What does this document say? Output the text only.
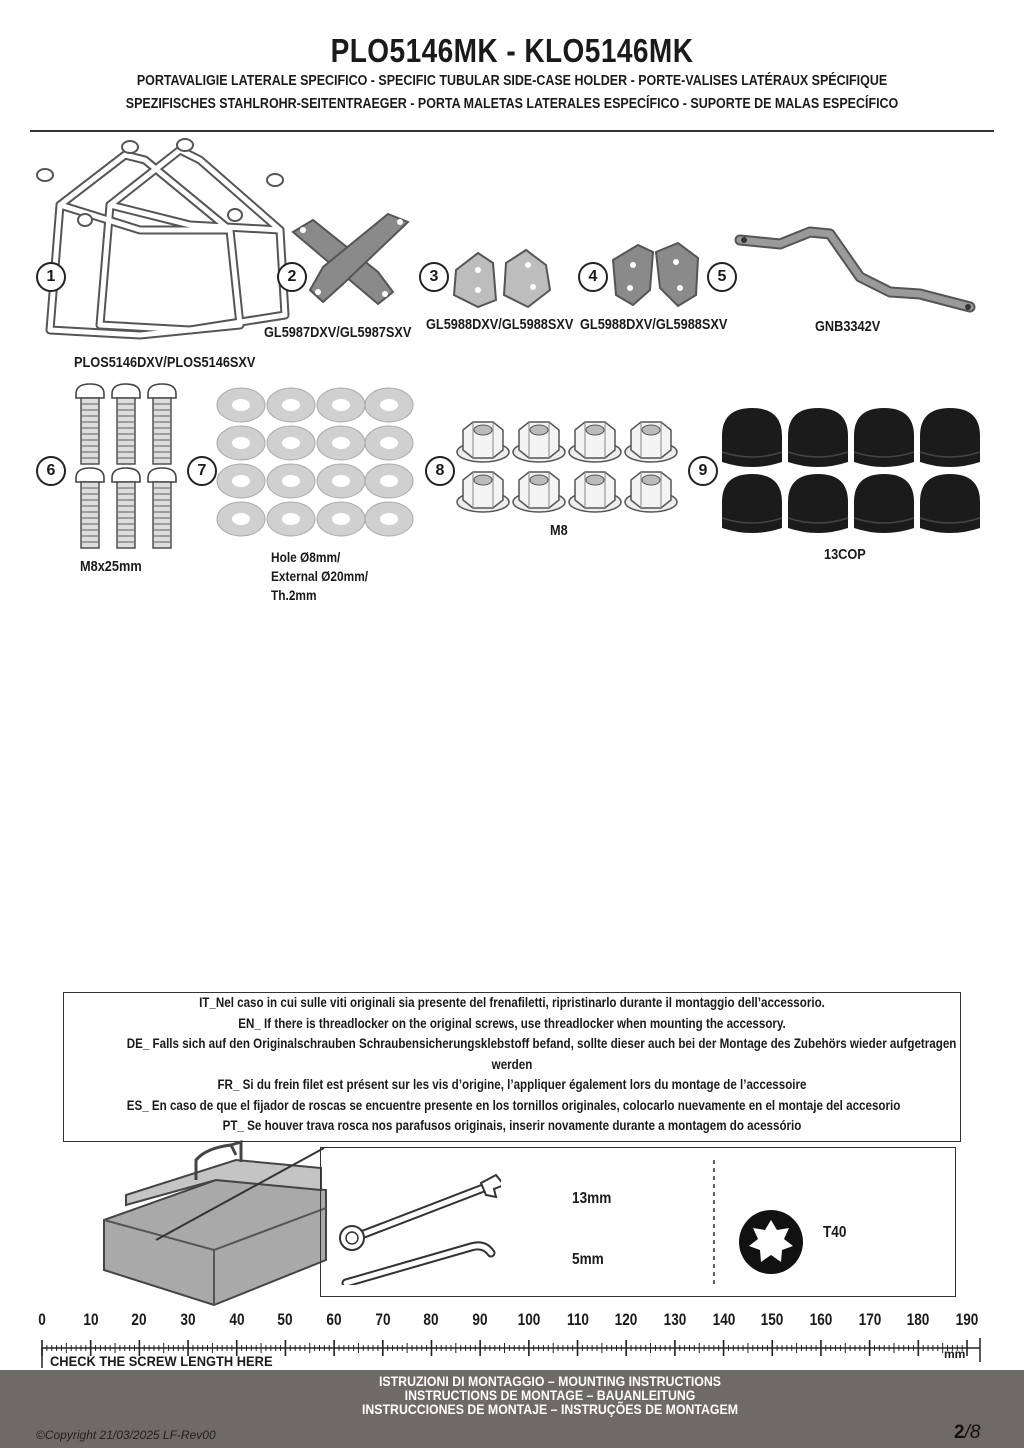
PLO5146MK - KLO5146MK
PORTAVALIGIE LATERALE SPECIFICO - SPECIFIC TUBULAR SIDE-CASE HOLDER - PORTE-VALISES LATÉRAUX SPÉCIFIQUE
SPEZIFISCHES STAHLROHR-SEITENTRAEGER - PORTA MALETAS LATERALES ESPECÍFICO - SUPORTE DE MALAS ESPECÍFICO
1
PLOS5146DXV/PLOS5146SXV
2
GL5987DXV/GL5987SXV
3
GL5988DXV/GL5988SXV
4
GL5988DXV/GL5988SXV
5
GNB3342V
6
M8x25mm
7
Hole Ø8mm/
External Ø20mm/
Th.2mm
8
M8
9
13COP
IT_Nel caso in cui sulle viti originali sia presente del frenafiletti, ripristinarlo durante il montaggio dell’accessorio.
EN_ If there is threadlocker on the original screws, use threadlocker when mounting the accessory.
DE_ Falls sich auf den Originalschrauben Schraubensicherungsklebstoff befand, sollte dieser auch bei der Montage des Zubehörs wieder aufgetragen
werden
FR_ Si du frein filet est présent sur les vis d’origine, l’appliquer également lors du montage de l’accessoire
ES_ En caso de que el fijador de roscas se encuentre presente en los tornillos originales, colocarlo nuevamente en el montaje del accesorio
PT_ Se houver trava rosca nos parafusos originais, inserir novamente durante a montagem do acessório
13mm
5mm
T40
0	10	20	30	40	50	60	70	80	90	100 110 120 130 140 150 160 170 180 190
mm
CHECK THE SCREW LENGTH HERE
ISTRUZIONI DI MONTAGGIO – MOUNTING INSTRUCTIONS
INSTRUCTIONS DE MONTAGE – BAUANLEITUNG
INSTRUCCIONES DE MONTAJE – INSTRUÇÕES DE MONTAGEM
©Copyright 21/03/2025 LF-Rev00	2/8
